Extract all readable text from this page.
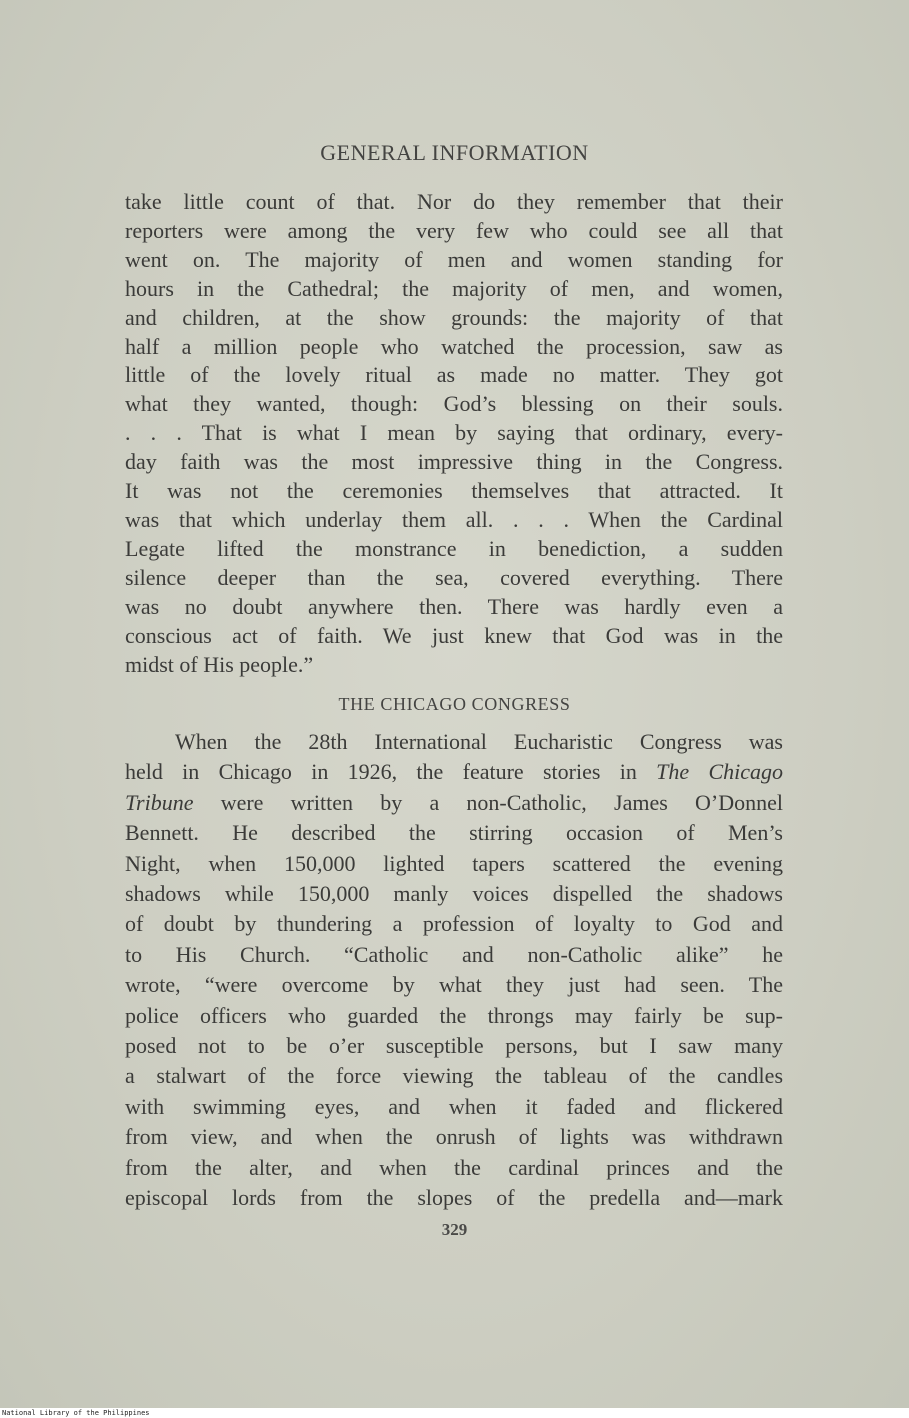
GENERAL INFORMATION
take little count of that. Nor do they remember that their
reporters were among the very few who could see all that
went on. The majority of men and women standing for
hours in the Cathedral; the majority of men, and women,
and children, at the show grounds: the majority of that
half a million people who watched the procession, saw as
little of the lovely ritual as made no matter. They got
what they wanted, though: God’s blessing on their souls.
. . . That is what I mean by saying that ordinary, every-
day faith was the most impressive thing in the Congress.
It was not the ceremonies themselves that attracted. It
was that which underlay them all. . . . When the Cardinal
Legate lifted the monstrance in benediction, a sudden
silence deeper than the sea, covered everything. There
was no doubt anywhere then. There was hardly even a
conscious act of faith. We just knew that God was in the
midst of His people.”
THE CHICAGO CONGRESS
When the 28th International Eucharistic Congress was
held in Chicago in 1926, the feature stories in The Chicago
Tribune were written by a non-Catholic, James O’Donnel
Bennett. He described the stirring occasion of Men’s
Night, when 150,000 lighted tapers scattered the evening
shadows while 150,000 manly voices dispelled the shadows
of doubt by thundering a profession of loyalty to God and
to His Church. “Catholic and non-Catholic alike” he
wrote, “were overcome by what they just had seen. The
police officers who guarded the throngs may fairly be sup-
posed not to be o’er susceptible persons, but I saw many
a stalwart of the force viewing the tableau of the candles
with swimming eyes, and when it faded and flickered
from view, and when the onrush of lights was withdrawn
from the alter, and when the cardinal princes and the
episcopal lords from the slopes of the predella and—mark
329
National Library of the Philippines
